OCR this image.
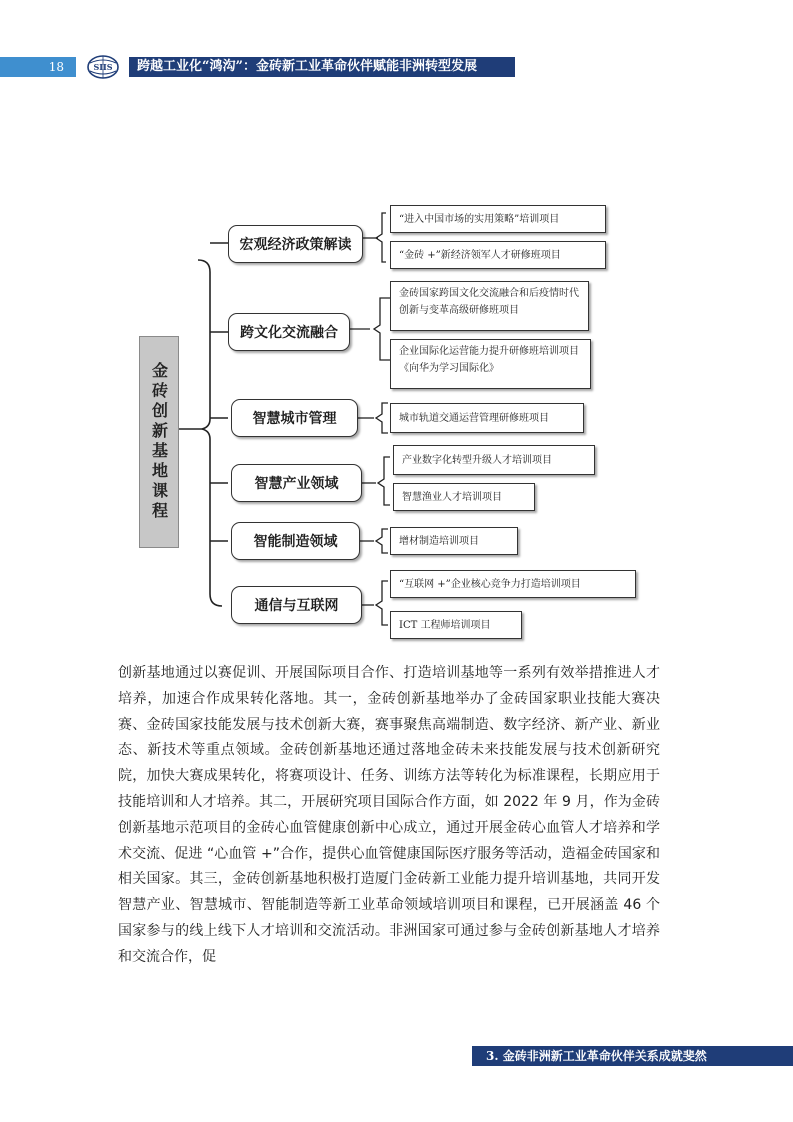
18	SIIS	跨越工业化“鸿沟”：金砖新工业革命伙伴赋能非洲转型发展
金砖创新基地课程
宏观经济政策解读
跨文化交流融合
智慧城市管理
智慧产业领域
智能制造领域
通信与互联网
“进入中国市场的实用策略”培训项目
“金砖 +”新经济领军人才研修班项目
金砖国家跨国文化交流融合和后疫情时代创新与变革高级研修班项目
企业国际化运营能力提升研修班培训项目《向华为学习国际化》
城市轨道交通运营管理研修班项目
产业数字化转型升级人才培训项目
智慧渔业人才培训项目
增材制造培训项目
“互联网 +”企业核心竞争力打造培训项目
ICT 工程师培训项目

创新基地通过以赛促训、开展国际项目合作、打造培训基地等一系列有效举措推进人才培养，加速合作成果转化落地。其一，金砖创新基地举办了金砖国家职业技能大赛决赛、金砖国家技能发展与技术创新大赛，赛事聚焦高端制造、数字经济、新产业、新业态、新技术等重点领域。金砖创新基地还通过落地金砖未来技能发展与技术创新研究院，加快大赛成果转化，将赛项设计、任务、训练方法等转化为标准课程，长期应用于技能培训和人才培养。其二，开展研究项目国际合作方面，如 2022 年 9 月，作为金砖创新基地示范项目的金砖心血管健康创新中心成立，通过开展金砖心血管人才培养和学术交流、促进 “心血管 +”合作，提供心血管健康国际医疗服务等活动，造福金砖国家和相关国家。其三，金砖创新基地积极打造厦门金砖新工业能力提升培训基地，共同开发智慧产业、智慧城市、智能制造等新工业革命领域培训项目和课程，已开展涵盖 46 个国家参与的线上线下人才培训和交流活动。非洲国家可通过参与金砖创新基地人才培养和交流合作，促

3. 金砖非洲新工业革命伙伴关系成就斐然
